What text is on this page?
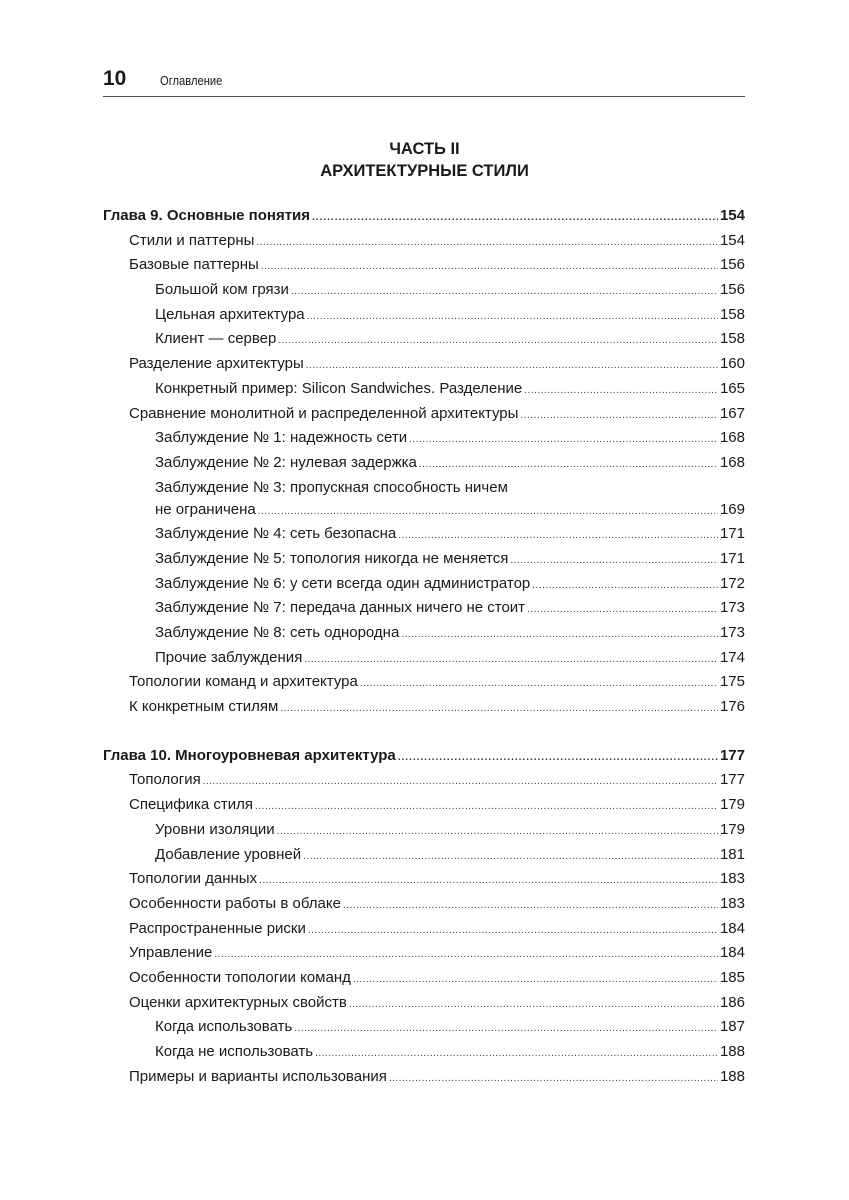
10	Оглавление
ЧАСТЬ II
АРХИТЕКТУРНЫЕ СТИЛИ
Глава 9. Основные понятия .....	154
Стили и паттерны .....	154
Базовые паттерны .....	156
Большой ком грязи .....	156
Цельная архитектура .....	158
Клиент — сервер .....	158
Разделение архитектуры .....	160
Конкретный пример: Silicon Sandwiches. Разделение .....	165
Сравнение монолитной и распределенной архитектуры .....	167
Заблуждение № 1: надежность сети .....	168
Заблуждение № 2: нулевая задержка .....	168
Заблуждение № 3: пропускная способность ничем
не ограничена .....	169
Заблуждение № 4: сеть безопасна .....	171
Заблуждение № 5: топология никогда не меняется .....	171
Заблуждение № 6: у сети всегда один администратор .....	172
Заблуждение № 7: передача данных ничего не стоит .....	173
Заблуждение № 8: сеть однородна .....	173
Прочие заблуждения .....	174
Топологии команд и архитектура .....	175
К конкретным стилям .....	176
Глава 10. Многоуровневая архитектура .....	177
Топология .....	177
Специфика стиля .....	179
Уровни изоляции .....	179
Добавление уровней .....	181
Топологии данных .....	183
Особенности работы в облаке .....	183
Распространенные риски .....	184
Управление .....	184
Особенности топологии команд .....	185
Оценки архитектурных свойств .....	186
Когда использовать .....	187
Когда не использовать .....	188
Примеры и варианты использования .....	188
